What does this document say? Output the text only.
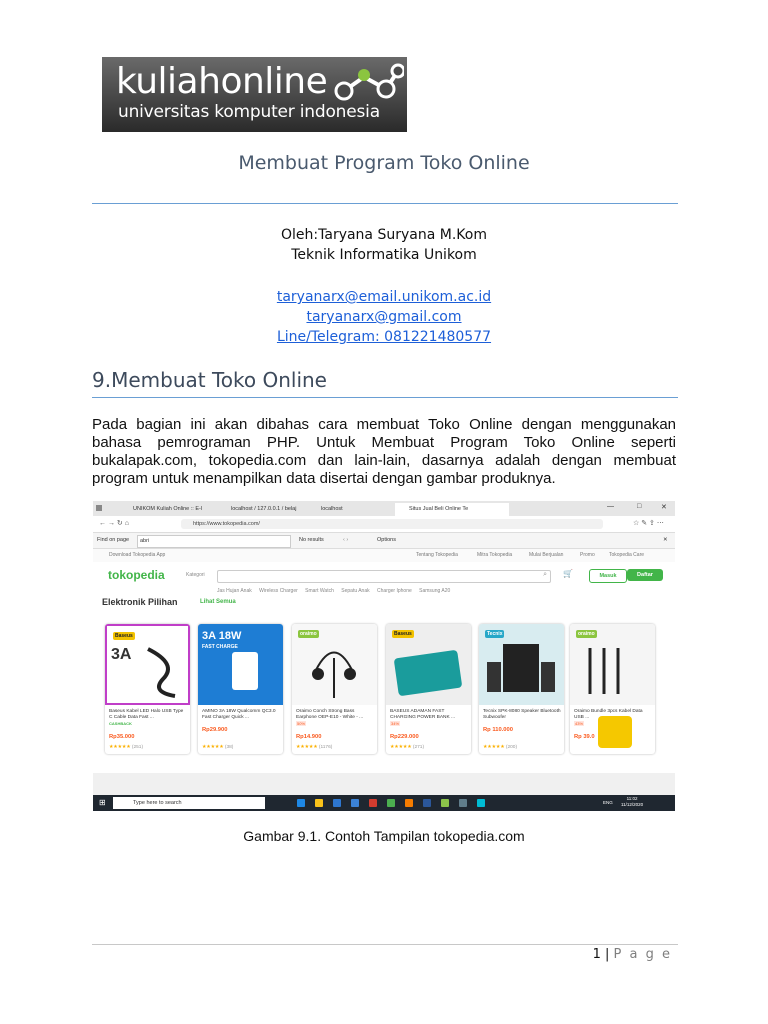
kuliahonline
universitas komputer indonesia
Membuat Program Toko Online
Oleh:Taryana Suryana M.Kom
Teknik Informatika Unikom
taryanarx@email.unikom.ac.id
taryanarx@gmail.com
Line/Telegram: 081221480577
9.Membuat Toko Online
Pada bagian ini akan dibahas cara membuat Toko Online dengan menggunakan bahasa pemrograman PHP. Untuk Membuat Program Toko Online seperti bukalapak.com, tokopedia.com dan lain-lain, dasarnya adalah dengan membuat program untuk menampilkan data disertai dengan gambar produknya.
UNIKOM Kuliah Online :: E-l	localhost / 127.0.0.1 / belaj	localhost	Situs Jual Beli Online Te	—	□	✕
← → ↻ ⌂	https://www.tokopedia.com/	☆ ✎ ⇪ ⋯
Find on page	abri	No results	‹ ›	Options	✕
Download Tokopedia App	Tentang Tokopedia	Mitra Tokopedia	Mulai Berjualan	Promo	Tokopedia Care
tokopedia	Kategori	⌕ 🛒	Masuk	Daftar
Jas Hujan Anak Wireless Charger Smart Watch Sepatu Anak Charger Iphone Samsung A20
Elektronik Pilihan	Lihat Semua
Baseus
3A
Baseus Kabel LED Halo USB Type C Cable Data Fast ...
CASHBACK
Rp35.000
★★★★★ (251)
3A 18W
FAST CHARGE
AMINO 3A 18W Qualcomm QC3.0 Fast Charger Quick ...
Rp29.900
★★★★★ (38)
oraimo
Oraimo Conch Strong Bass Earphone OEP-E10 - White - ...
50%
Rp14.900
★★★★★ (1176)
Baseus
BASEUS ADAMAN FAST CHARGING POWER BANK ...
34%
Rp229.000
★★★★★ (271)
Tecnix
Tecnix SPK-8080 Speaker Bluetooth Subwoofer
Rp 110.000
★★★★★ (200)
oraimo
Oraimo Bundle 3pcs Kabel Data USB ...
43%
Rp 39.0
⊞	Type here to search	ENG
11:02
11/12/2020
Gambar 9.1. Contoh Tampilan tokopedia.com
1 | P a g e
